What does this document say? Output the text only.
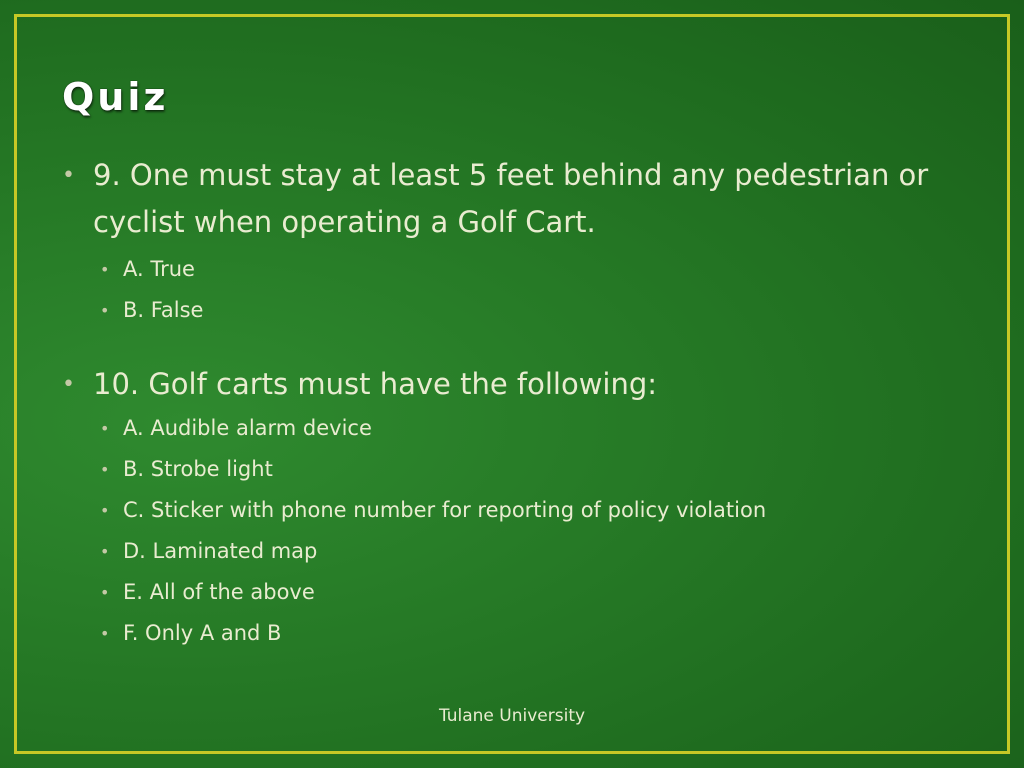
Quiz
• 9. One must stay at least 5 feet behind any pedestrian or cyclist when operating a Golf Cart.
• A. True
• B. False
• 10. Golf carts must have the following:
• A. Audible alarm device
• B. Strobe light
• C. Sticker with phone number for reporting of policy violation
• D. Laminated map
• E. All of the above
• F. Only A and B
Tulane University
